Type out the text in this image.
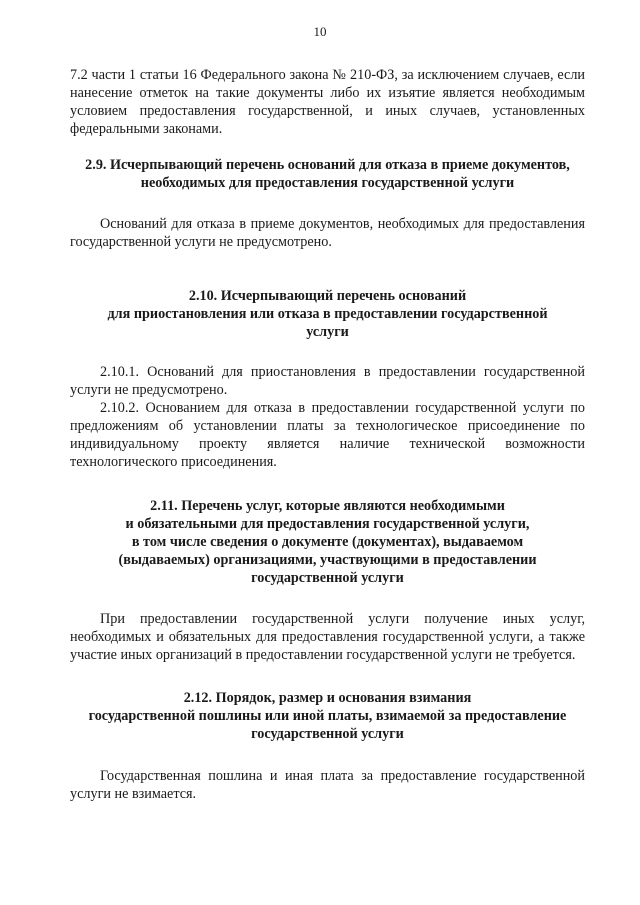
10

7.2 части 1 статьи 16 Федерального закона № 210-ФЗ, за исключением случаев, если нанесение отметок на такие документы либо их изъятие является необходимым условием предоставления государственной, и иных случаев, установленных федеральными законами.

2.9. Исчерпывающий перечень оснований для отказа в приеме документов,
необходимых для предоставления государственной услуги

Оснований для отказа в приеме документов, необходимых для предоставления государственной услуги не предусмотрено.

2.10. Исчерпывающий перечень оснований
для приостановления или отказа в предоставлении государственной
услуги

2.10.1. Оснований для приостановления в предоставлении государственной услуги не предусмотрено.

2.10.2. Основанием для отказа в предоставлении государственной услуги по предложениям об установлении платы за технологическое присоединение по индивидуальному проекту является наличие технической возможности технологического присоединения.

2.11. Перечень услуг, которые являются необходимыми
и обязательными для предоставления государственной услуги,
в том числе сведения о документе (документах), выдаваемом
(выдаваемых) организациями, участвующими в предоставлении
государственной услуги

При предоставлении государственной услуги получение иных услуг, необходимых и обязательных для предоставления государственной услуги, а также участие иных организаций в предоставлении государственной услуги не требуется.

2.12. Порядок, размер и основания взимания
государственной пошлины или иной платы, взимаемой за предоставление
государственной услуги

Государственная пошлина и иная плата за предоставление государственной услуги не взимается.
